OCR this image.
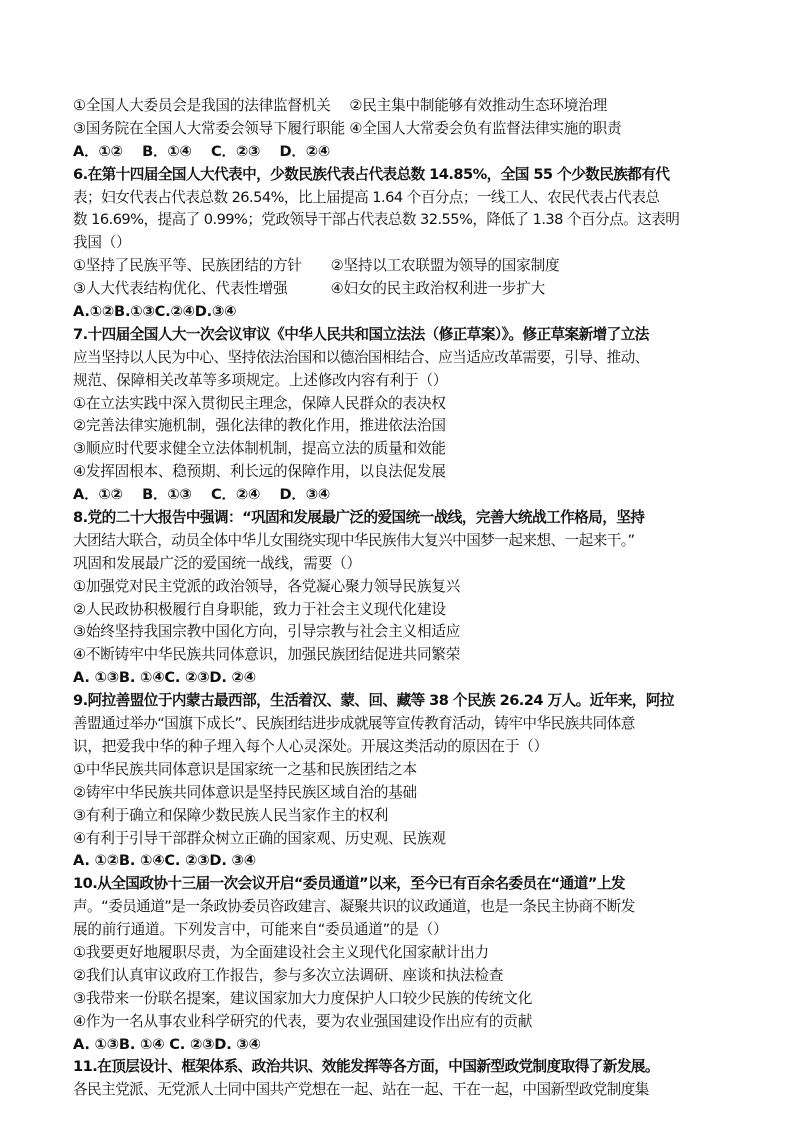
①全国人大委员会是我国的法律监督机关　 ②民主集中制能够有效推动生态环境治理
③国务院在全国人大常委会领导下履行职能 ④全国人大常委会负有监督法律实施的职责
A．①②　 B．①④　 C．②③　 D．②④
6.在第十四届全国人大代表中，少数民族代表占代表总数 14.85%，全国 55 个少数民族都有代
表；妇女代表占代表总数 26.54%，比上届提高 1.64 个百分点；一线工人、农民代表占代表总
数 16.69%，提高了 0.99%；党政领导干部占代表总数 32.55%，降低了 1.38 个百分点。这表明
我国（）
①坚持了民族平等、民族团结的方针　　②坚持以工农联盟为领导的国家制度
③人大代表结构优化、代表性增强　　　④妇女的民主政治权利进一步扩大
A.①②B.①③C.②④D.③④
7.十四届全国人大一次会议审议《中华人民共和国立法法（修正草案）》。修正草案新增了立法
应当坚持以人民为中心、坚持依法治国和以德治国相结合、应当适应改革需要，引导、推动、
规范、保障相关改革等多项规定。上述修改内容有利于（）
①在立法实践中深入贯彻民主理念，保障人民群众的表决权
②完善法律实施机制，强化法律的教化作用，推进依法治国
③顺应时代要求健全立法体制机制，提高立法的质量和效能
④发挥固根本、稳预期、利长远的保障作用，以良法促发展
A．①②　 B．①③　 C．②④　 D．③④
8.党的二十大报告中强调：“巩固和发展最广泛的爱国统一战线，完善大统战工作格局，坚持
大团结大联合，动员全体中华儿女围绕实现中华民族伟大复兴中国梦一起来想、一起来干。”
巩固和发展最广泛的爱国统一战线，需要（）
①加强党对民主党派的政治领导，各党凝心聚力领导民族复兴
②人民政协积极履行自身职能，致力于社会主义现代化建设
③始终坚持我国宗教中国化方向，引导宗教与社会主义相适应
④不断铸牢中华民族共同体意识，加强民族团结促进共同繁荣
A. ①③B. ①④C. ②③D. ②④
9.阿拉善盟位于内蒙古最西部，生活着汉、蒙、回、藏等 38 个民族 26.24 万人。近年来，阿拉
善盟通过举办“国旗下成长”、民族团结进步成就展等宣传教育活动，铸牢中华民族共同体意
识，把爱我中华的种子埋入每个人心灵深处。开展这类活动的原因在于（）
①中华民族共同体意识是国家统一之基和民族团结之本
②铸牢中华民族共同体意识是坚持民族区域自治的基础
③有利于确立和保障少数民族人民当家作主的权利
④有利于引导干部群众树立正确的国家观、历史观、民族观
A. ①②B. ①④C. ②③D. ③④
10.从全国政协十三届一次会议开启“委员通道”以来，至今已有百余名委员在“通道”上发
声。“委员通道”是一条政协委员咨政建言、凝聚共识的议政通道，也是一条民主协商不断发
展的前行通道。下列发言中，可能来自“委员通道”的是（）
①我要更好地履职尽责，为全面建设社会主义现代化国家献计出力
②我们认真审议政府工作报告，参与多次立法调研、座谈和执法检查
③我带来一份联名提案，建议国家加大力度保护人口较少民族的传统文化
④作为一名从事农业科学研究的代表，要为农业强国建设作出应有的贡献
A. ①③B. ①④ C. ②③D. ③④
11.在顶层设计、框架体系、政治共识、效能发挥等各方面，中国新型政党制度取得了新发展。
各民主党派、无党派人士同中国共产党想在一起、站在一起、干在一起，中国新型政党制度集
